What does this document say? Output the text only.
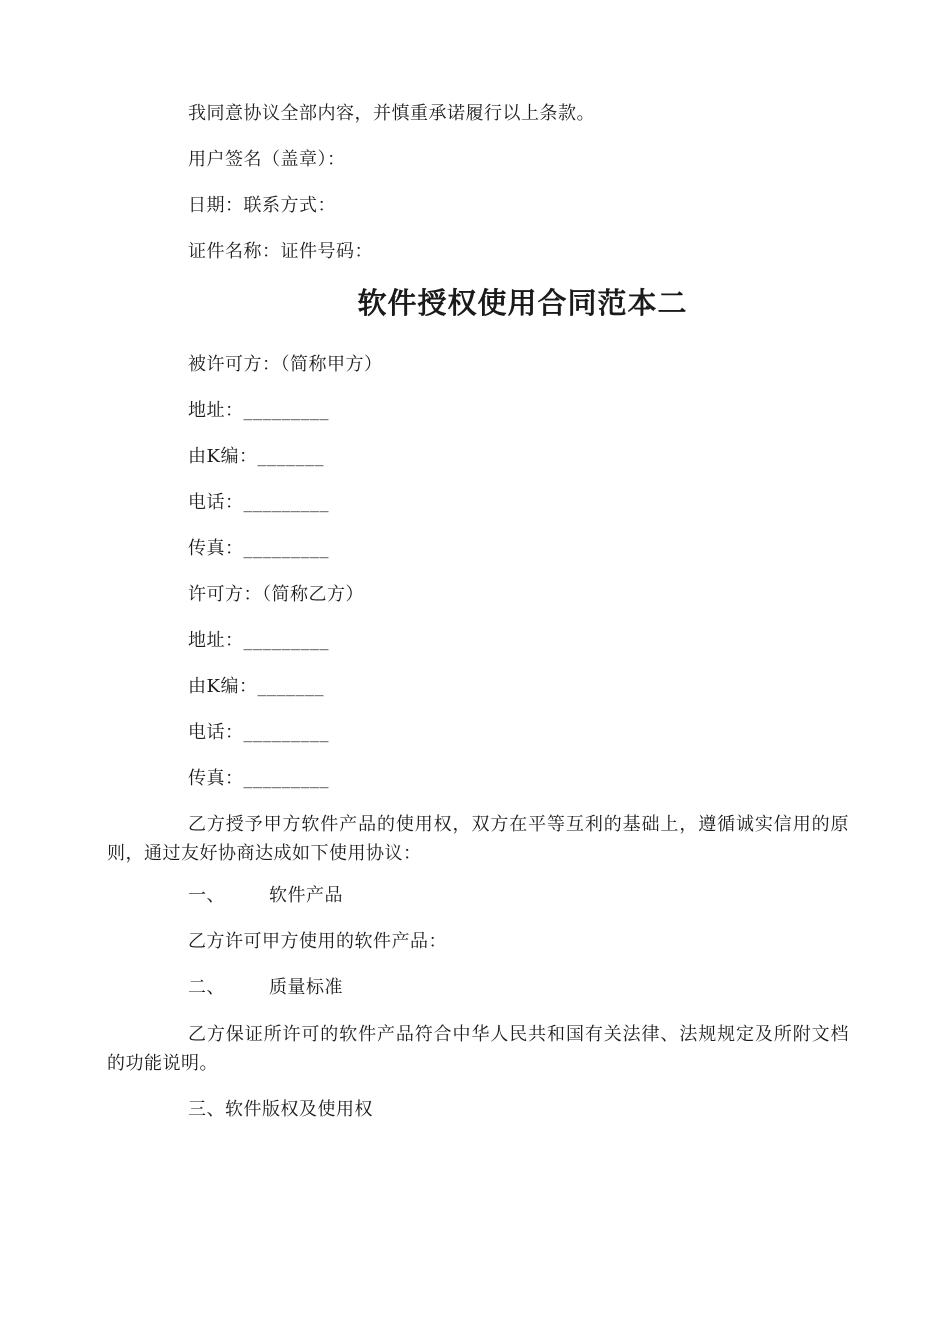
我同意协议全部内容，并慎重承诺履行以上条款。
用户签名（盖章）：
日期：联系方式：
证件名称：证件号码：
软件授权使用合同范本二
被许可方：（简称甲方）
地址：_________
由K编：_______
电话：_________
传真：_________
许可方：（简称乙方）
地址：_________
由K编：_______
电话：_________
传真：_________
乙方授予甲方软件产品的使用权，双方在平等互利的基础上，遵循诚实信用的原则，通过友好协商达成如下使用协议：
一、 软件产品
乙方许可甲方使用的软件产品：
二、 质量标准
乙方保证所许可的软件产品符合中华人民共和国有关法律、法规规定及所附文档的功能说明。
三、软件版权及使用权
